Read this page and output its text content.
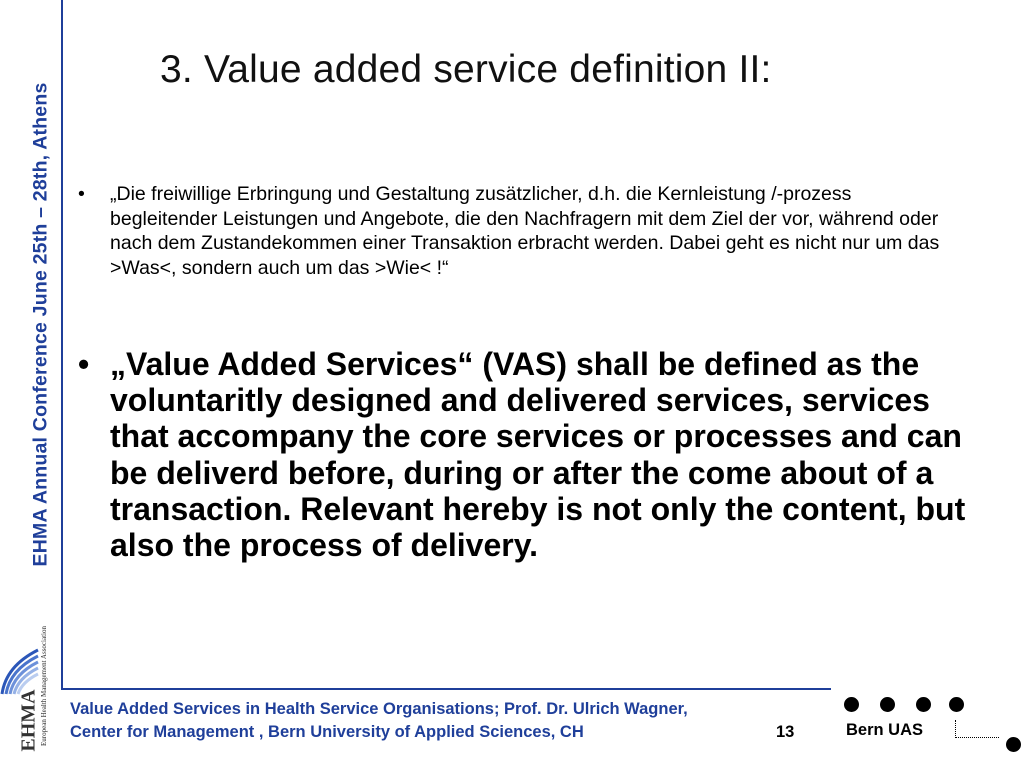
EHMA Annual Conference June 25th – 28th, Athens
European Health Management Association
EHMA
3. Value added service definition II:
• „Die freiwillige Erbringung und Gestaltung zusätzlicher, d.h. die Kernleistung /-prozess begleitender Leistungen und Angebote, die den Nachfragern mit dem Ziel der vor, während oder nach dem Zustandekommen einer Transaktion erbracht werden. Dabei geht es nicht nur um das >Was<, sondern auch um das >Wie< !“
• „Value Added Services“ (VAS) shall be defined as the voluntaritly designed and delivered services, services that accompany the core services or processes and can be deliverd before, during or after the come about of a transaction. Relevant hereby is not only the content, but also the process of delivery.
Value Added Services in Health Service Organisations; Prof. Dr. Ulrich Wagner,
Center for Management , Bern University of Applied Sciences, CH	13	Bern UAS
